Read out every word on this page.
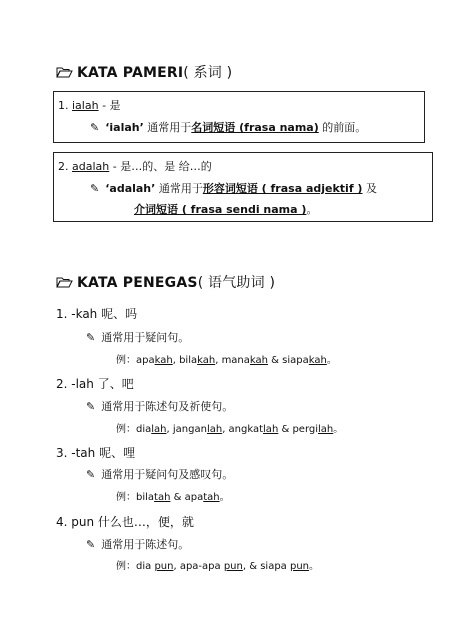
KATA PAMERI( 系词 )
1. ialah - 是
✎ ‘ialah’ 通常用于名词短语 (frasa nama) 的前面。
2. adalah - 是…的、是 给…的
✎ ‘adalah’ 通常用于形容词短语 ( frasa adjektif ) 及
介词短语 ( frasa sendi nama )。
KATA PENEGAS( 语气助词 )
1. -kah 呢、吗
✎ 通常用于疑问句。
例：apakah, bilakah, manakah & siapakah。
2. -lah 了、吧
✎ 通常用于陈述句及祈使句。
例：dialah, janganlah, angkatlah & pergilah。
3. -tah 呢、哩
✎ 通常用于疑问句及感叹句。
例：bilatah & apatah。
4. pun 什么也…，便，就
✎ 通常用于陈述句。
例：dia pun, apa-apa pun, & siapa pun。
